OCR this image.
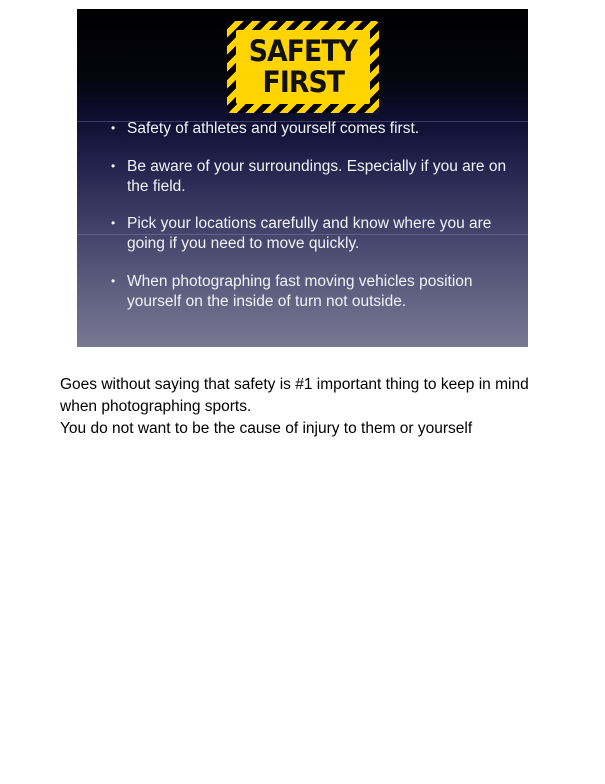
SAFETY
FIRST
• Safety of athletes and yourself comes first.
• Be aware of your surroundings. Especially if you are on the field.
• Pick your locations carefully and know where you are going if you need to move quickly.
• When photographing fast moving vehicles position yourself on the inside of turn not outside.

Goes without saying that safety is #1 important thing to keep in mind when photographing sports.

You do not want to be the cause of injury to them or yourself
